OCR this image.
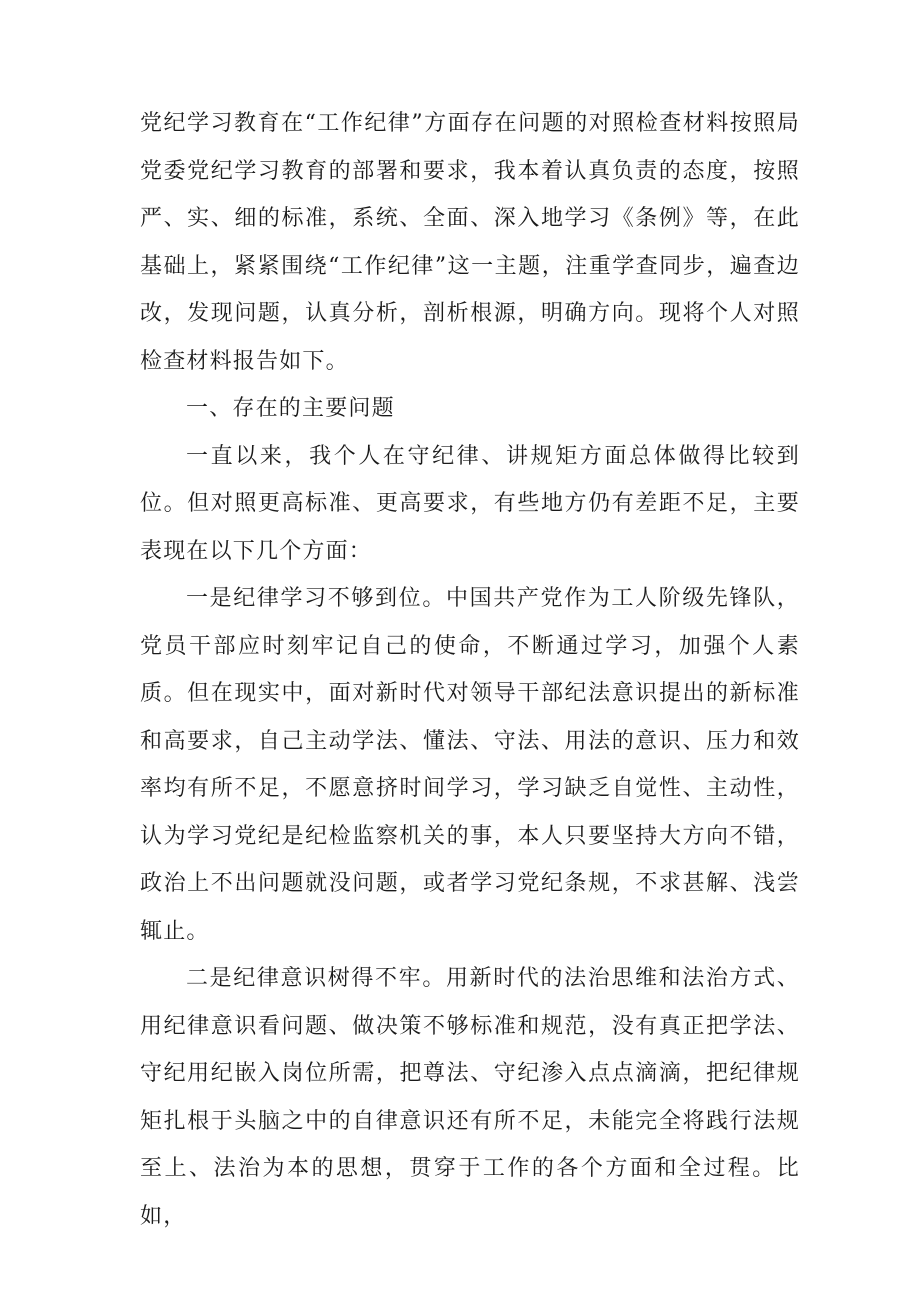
党纪学习教育在“工作纪律”方面存在问题的对照检查材料按照局党委党纪学习教育的部署和要求，我本着认真负责的态度，按照严、实、细的标准，系统、全面、深入地学习《条例》等，在此基础上，紧紧围绕“工作纪律”这一主题，注重学查同步，遍查边改，发现问题，认真分析，剖析根源，明确方向。现将个人对照检查材料报告如下。

一、存在的主要问题

一直以来，我个人在守纪律、讲规矩方面总体做得比较到位。但对照更高标准、更高要求，有些地方仍有差距不足，主要表现在以下几个方面：

一是纪律学习不够到位。中国共产党作为工人阶级先锋队，党员干部应时刻牢记自己的使命，不断通过学习，加强个人素质。但在现实中，面对新时代对领导干部纪法意识提出的新标准和高要求，自己主动学法、懂法、守法、用法的意识、压力和效率均有所不足，不愿意挤时间学习，学习缺乏自觉性、主动性，认为学习党纪是纪检监察机关的事，本人只要坚持大方向不错，政治上不出问题就没问题，或者学习党纪条规，不求甚解、浅尝辄止。

二是纪律意识树得不牢。用新时代的法治思维和法治方式、用纪律意识看问题、做决策不够标准和规范，没有真正把学法、守纪用纪嵌入岗位所需，把尊法、守纪渗入点点滴滴，把纪律规矩扎根于头脑之中的自律意识还有所不足，未能完全将践行法规至上、法治为本的思想，贯穿于工作的各个方面和全过程。比如，
